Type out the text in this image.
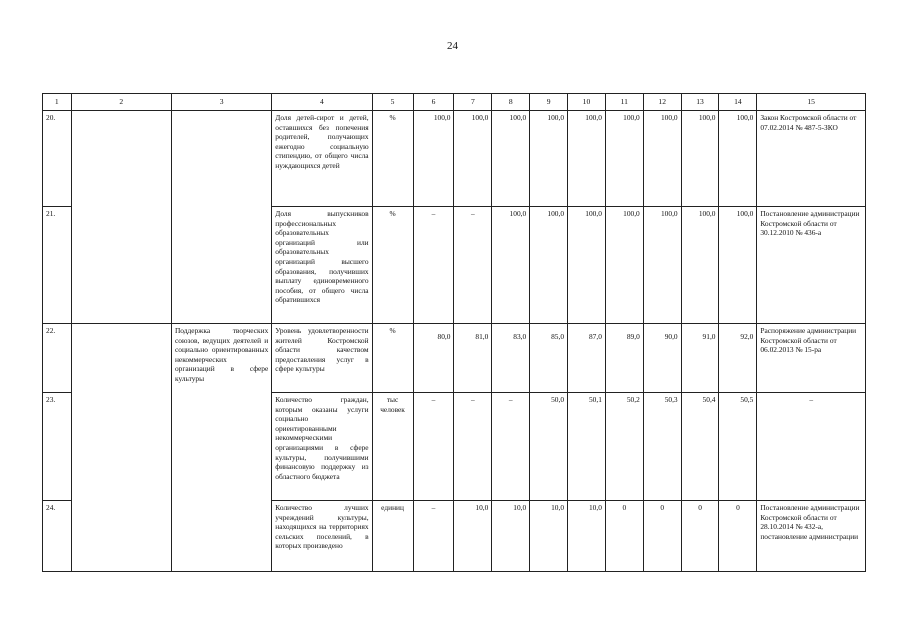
24
1	2	3	4	5	6	7	8	9	10	11	12	13	14	15
20.			Доля детей-сирот и детей, оставшихся без попечения родителей, получающих ежегодно социальную стипендию, от общего числа нуждающихся детей	%	100,0	100,0	100,0	100,0	100,0	100,0	100,0	100,0	100,0	Закон Костромской области от 07.02.2014 № 487-5-ЗКО
21.			Доля выпускников профессиональных образовательных организаций или образовательных организаций высшего образования, получивших выплату единовременного пособия, от общего числа обратившихся	%	–	–	100,0	100,0	100,0	100,0	100,0	100,0	100,0	Постановление администрации Костромской области от 30.12.2010 № 436-а
22.		Поддержка творческих союзов, ведущих деятелей и социально ориентированных некоммерческих организаций в сфере культуры	Уровень удовлетворенности жителей Костромской области качеством предоставления услуг в сфере культуры	%	80,0	81,0	83,0	85,0	87,0	89,0	90,0	91,0	92,0	Распоряжение администрации Костромской области от 06.02.2013 № 15-ра
23.			Количество граждан, которым оказаны услуги социально ориентированными некоммерческими организациями в сфере культуры, получившими финансовую поддержку из областного бюджета	тыс человек	–	–	–	50,0	50,1	50,2	50,3	50,4	50,5	–
24.			Количество лучших учреждений культуры, находящихся на территориях сельских поселений, в которых произведено	единиц	–	10,0	10,0	10,0	10,0	0	0	0	0	Постановление администрации Костромской области от 28.10.2014 № 432-а, постановление администрации
